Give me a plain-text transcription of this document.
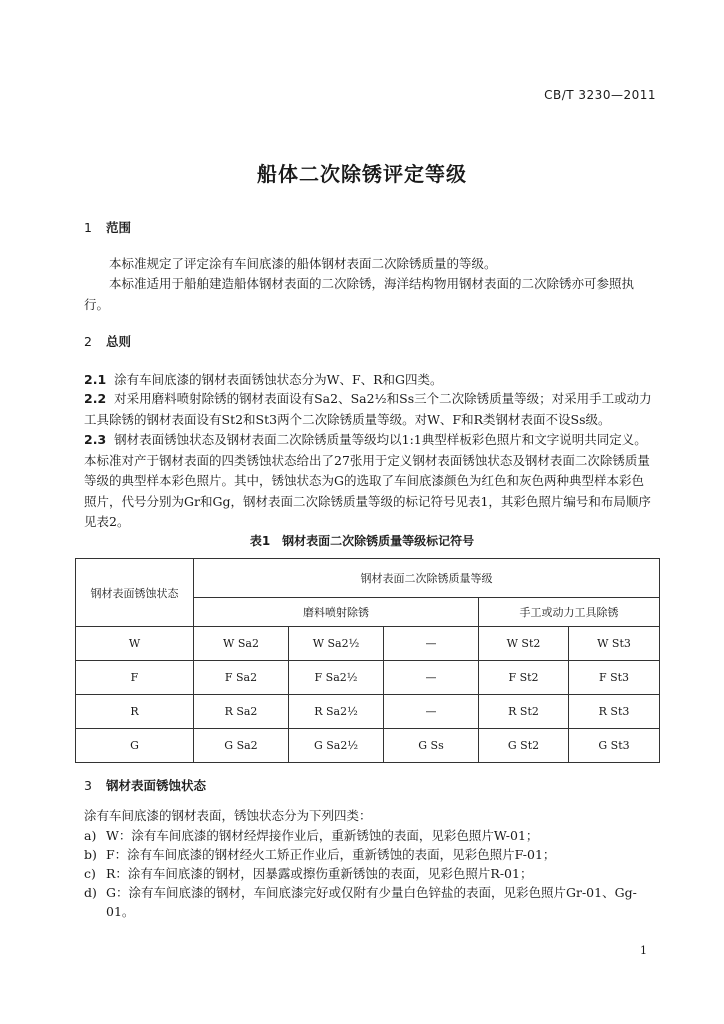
CB/T 3230—2011
船体二次除锈评定等级
1 范围
本标准规定了评定涂有车间底漆的船体钢材表面二次除锈质量的等级。
本标准适用于船舶建造船体钢材表面的二次除锈，海洋结构物用钢材表面的二次除锈亦可参照执行。
2 总则
2.1 涂有车间底漆的钢材表面锈蚀状态分为W、F、R和G四类。
2.2 对采用磨料喷射除锈的钢材表面设有Sa2、Sa2½和Ss三个二次除锈质量等级；对采用手工或动力工具除锈的钢材表面设有St2和St3两个二次除锈质量等级。对W、F和R类钢材表面不设Ss级。
2.3 钢材表面锈蚀状态及钢材表面二次除锈质量等级均以1:1典型样板彩色照片和文字说明共同定义。本标准对产于钢材表面的四类锈蚀状态给出了27张用于定义钢材表面锈蚀状态及钢材表面二次除锈质量等级的典型样本彩色照片。其中，锈蚀状态为G的选取了车间底漆颜色为红色和灰色两种典型样本彩色照片，代号分别为Gr和Gg，钢材表面二次除锈质量等级的标记符号见表1，其彩色照片编号和布局顺序见表2。
表1　钢材表面二次除锈质量等级标记符号
钢材表面锈蚀状态	钢材表面二次除锈质量等级				
	磨料喷射除锈			手工或动力工具除锈	
W	W Sa2	W Sa2½	—	W St2	W St3
F	F Sa2	F Sa2½	—	F St2	F St3
R	R Sa2	R Sa2½	—	R St2	R St3
G	G Sa2	G Sa2½	G Ss	G St2	G St3
3 钢材表面锈蚀状态
涂有车间底漆的钢材表面，锈蚀状态分为下列四类：
a) W：涂有车间底漆的钢材经焊接作业后，重新锈蚀的表面，见彩色照片W-01；
b) F：涂有车间底漆的钢材经火工矫正作业后，重新锈蚀的表面，见彩色照片F-01；
c) R：涂有车间底漆的钢材，因暴露或擦伤重新锈蚀的表面，见彩色照片R-01；
d) G：涂有车间底漆的钢材，车间底漆完好或仅附有少量白色锌盐的表面，见彩色照片Gr-01、Gg-01。
1
